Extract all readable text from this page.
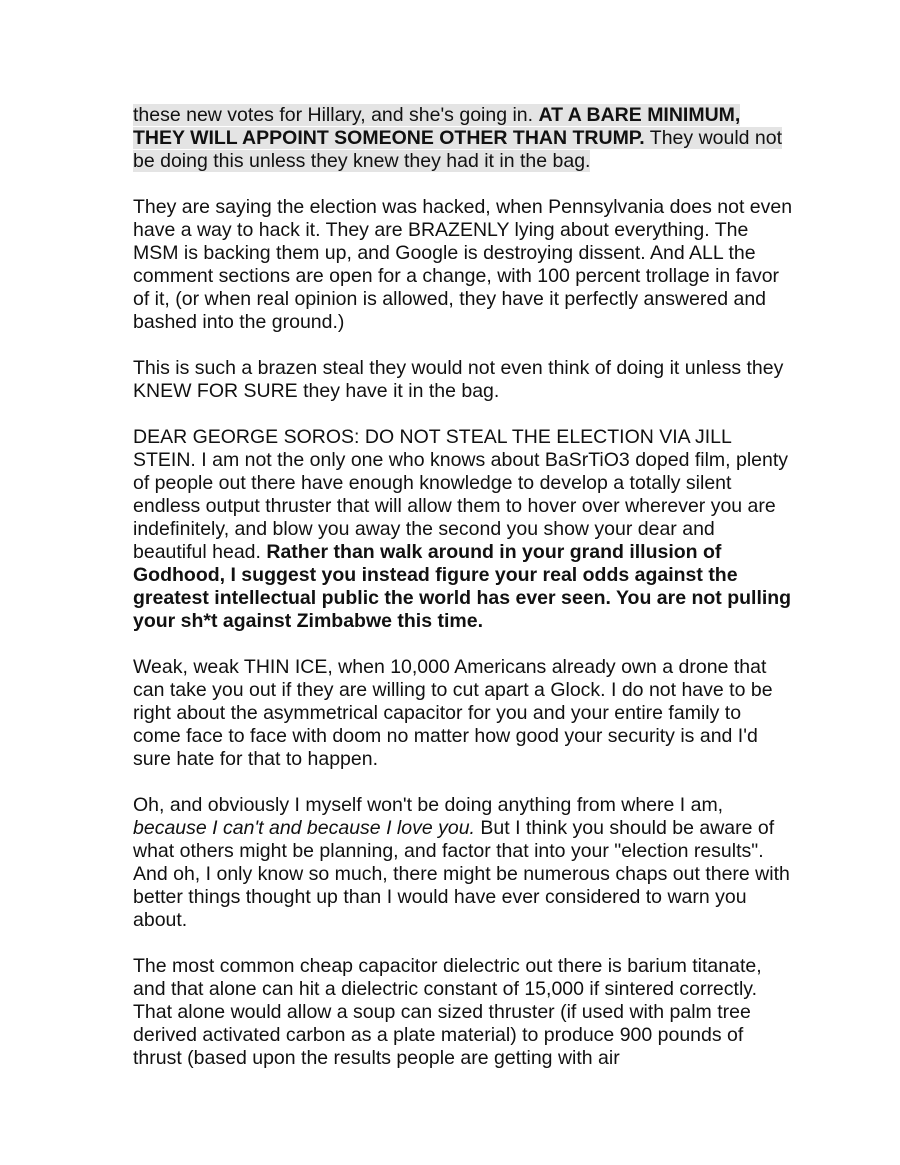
these new votes for Hillary, and she's going in. AT A BARE MINIMUM, THEY WILL APPOINT SOMEONE OTHER THAN TRUMP. They would not be doing this unless they knew they had it in the bag.

They are saying the election was hacked, when Pennsylvania does not even have a way to hack it. They are BRAZENLY lying about everything. The MSM is backing them up, and Google is destroying dissent. And ALL the comment sections are open for a change, with 100 percent trollage in favor of it, (or when real opinion is allowed, they have it perfectly answered and bashed into the ground.)

This is such a brazen steal they would not even think of doing it unless they KNEW FOR SURE they have it in the bag.

DEAR GEORGE SOROS: DO NOT STEAL THE ELECTION VIA JILL STEIN. I am not the only one who knows about BaSrTiO3 doped film, plenty of people out there have enough knowledge to develop a totally silent endless output thruster that will allow them to hover over wherever you are indefinitely, and blow you away the second you show your dear and beautiful head. Rather than walk around in your grand illusion of Godhood, I suggest you instead figure your real odds against the greatest intellectual public the world has ever seen. You are not pulling your sh*t against Zimbabwe this time.

Weak, weak THIN ICE, when 10,000 Americans already own a drone that can take you out if they are willing to cut apart a Glock. I do not have to be right about the asymmetrical capacitor for you and your entire family to come face to face with doom no matter how good your security is and I'd sure hate for that to happen.

Oh, and obviously I myself won't be doing anything from where I am, because I can't and because I love you. But I think you should be aware of what others might be planning, and factor that into your "election results". And oh, I only know so much, there might be numerous chaps out there with better things thought up than I would have ever considered to warn you about.

The most common cheap capacitor dielectric out there is barium titanate, and that alone can hit a dielectric constant of 15,000 if sintered correctly. That alone would allow a soup can sized thruster (if used with palm tree derived activated carbon as a plate material) to produce 900 pounds of thrust (based upon the results people are getting with air
